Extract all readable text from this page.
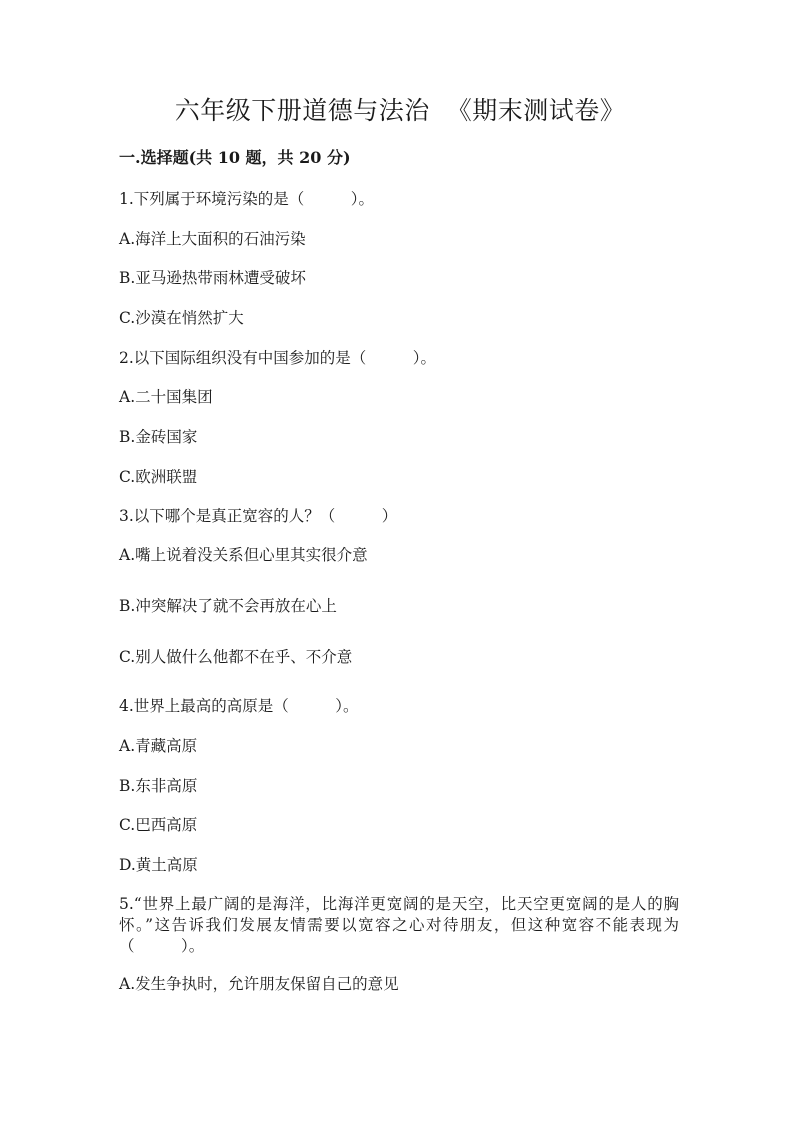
六年级下册道德与法治  《期末测试卷》
一.选择题(共 10 题，共 20 分)
1.下列属于环境污染的是（　　　）。
A.海洋上大面积的石油污染
B.亚马逊热带雨林遭受破坏
C.沙漠在悄然扩大
2.以下国际组织没有中国参加的是（　　　）。
A.二十国集团
B.金砖国家
C.欧洲联盟
3.以下哪个是真正宽容的人？（　　　）
A.嘴上说着没关系但心里其实很介意
B.冲突解决了就不会再放在心上
C.别人做什么他都不在乎、不介意
4.世界上最高的高原是（　　　）。
A.青藏高原
B.东非高原
C.巴西高原
D.黄土高原
5.“世界上最广阔的是海洋，比海洋更宽阔的是天空，比天空更宽阔的是人的胸怀。”这告诉我们发展友情需要以宽容之心对待朋友，但这种宽容不能表现为（　　　）。
A.发生争执时，允许朋友保留自己的意见
